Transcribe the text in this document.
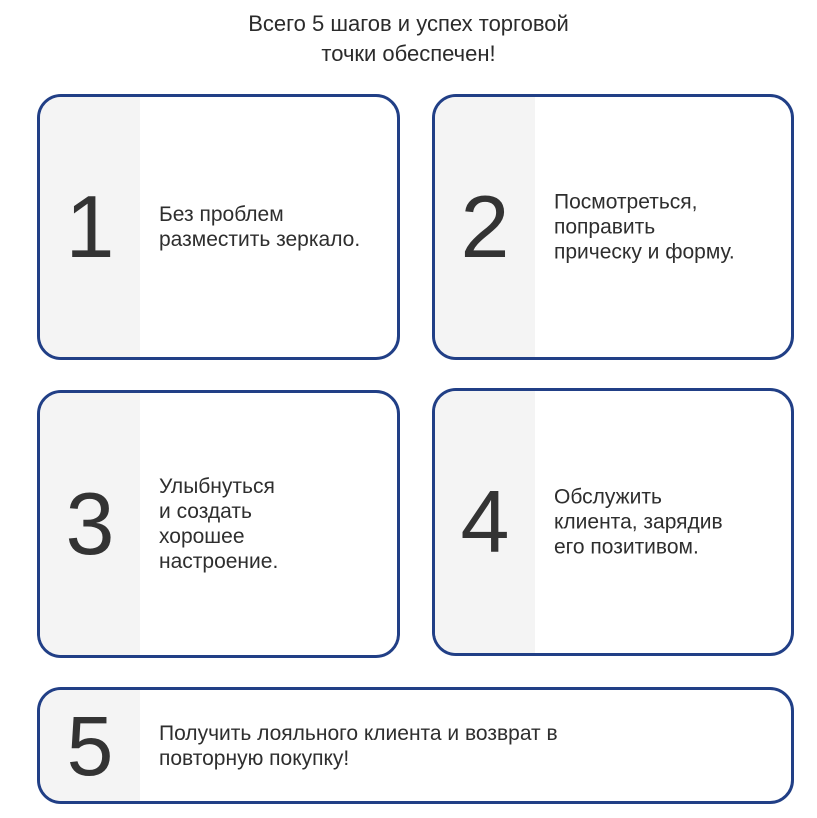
Всего 5 шагов и успех торговой
точки обеспечен!
1	Без проблем
разместить зеркало. 2	Посмотреться,
поправить
прическу и форму.
3	Улыбнуться
и создать
хорошее
настроение.	4	Обслужить
клиента, зарядив
его позитивом.
5	Получить лояльного клиента и возврат в
повторную покупку!
